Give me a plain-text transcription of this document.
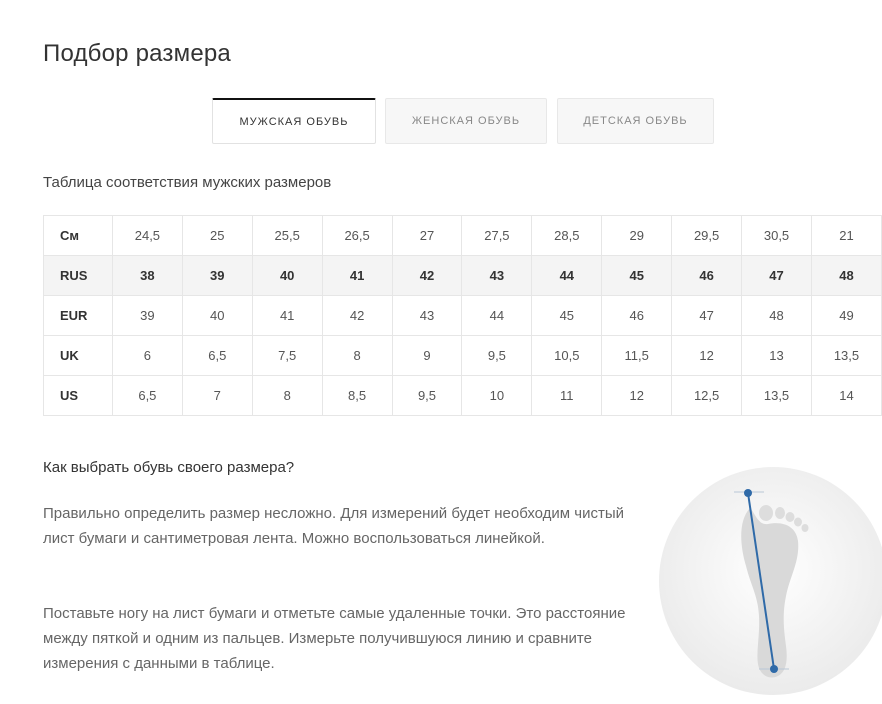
Подбор размера
МУЖСКАЯ ОБУВЬ	ЖЕНСКАЯ ОБУВЬ	ДЕТСКАЯ ОБУВЬ
Таблица соответствия мужских размеров
См	24,5	25	25,5	26,5	27	27,5	28,5	29	29,5	30,5	21
RUS	38	39	40	41	42	43	44	45	46	47	48
EUR	39	40	41	42	43	44	45	46	47	48	49
UK	6	6,5	7,5	8	9	9,5	10,5	11,5	12	13	13,5
US	6,5	7	8	8,5	9,5	10	11	12	12,5	13,5	14
Как выбрать обувь своего размера?

Правильно определить размер несложно. Для измерений будет необходим чистый лист бумаги и сантиметровая лента. Можно воспользоваться линейкой.

Поставьте ногу на лист бумаги и отметьте самые удаленные точки. Это расстояние между пяткой и одним из пальцев. Измерьте получившуюся линию и сравните измерения с данными в таблице.
